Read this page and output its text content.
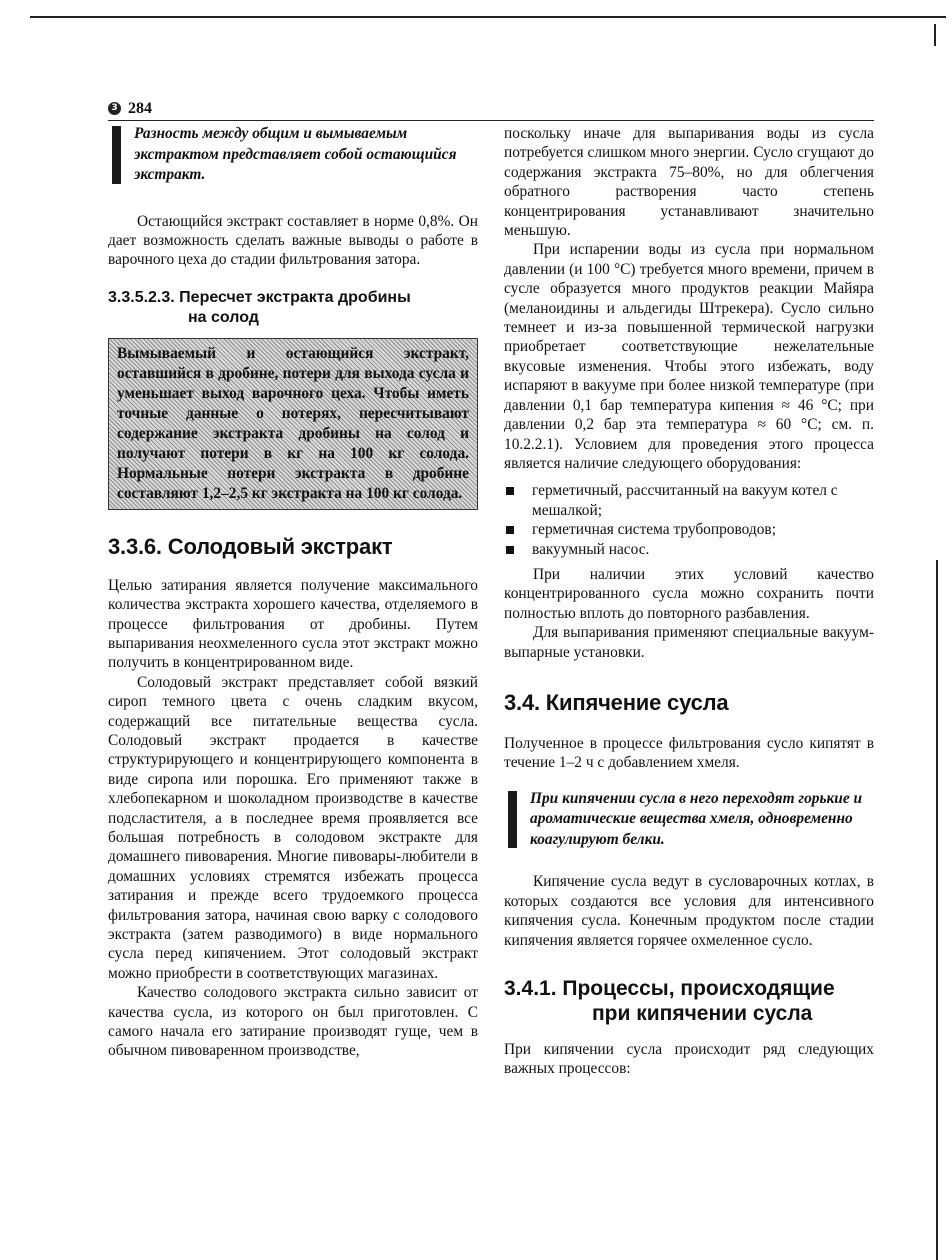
3 284

Разность между общим и вымываемым экстрактом представляет собой остающийся экстракт.

Остающийся экстракт составляет в норме 0,8%. Он дает возможность сделать важные выводы о работе в варочного цеха до стадии фильтрования затора.

3.3.5.2.3. Пересчет экстракта дробины
на солод
Вымываемый и остающийся экстракт, оставшийся в дробине, потери для выхода сусла и уменьшает выход варочного цеха. Чтобы иметь точные данные о потерях, пересчитывают содержание экстракта дробины на солод и получают потери в кг на 100 кг солода. Нормальные потери экстракта в дробине составляют 1,2–2,5 кг экстракта на 100 кг солода.
3.3.6. Солодовый экстракт

Целью затирания является получение максимального количества экстракта хорошего качества, отделяемого в процессе фильтрования от дробины. Путем выпаривания неохмеленного сусла этот экстракт можно получить в концентрированном виде.

Солодовый экстракт представляет собой вязкий сироп темного цвета с очень сладким вкусом, содержащий все питательные вещества сусла. Солодовый экстракт продается в качестве структурирующего и концентрирующего компонента в виде сиропа или порошка. Его применяют также в хлебопекарном и шоколадном производстве в качестве подсластителя, а в последнее время проявляется все большая потребность в солодовом экстракте для домашнего пивоварения. Многие пивовары-любители в домашних условиях стремятся избежать процесса затирания и прежде всего трудоемкого процесса фильтрования затора, начиная свою варку с солодового экстракта (затем разводимого) в виде нормального сусла перед кипячением. Этот солодовый экстракт можно приобрести в соответствующих магазинах.

Качество солодового экстракта сильно зависит от качества сусла, из которого он был приготовлен. С самого начала его затирание производят гуще, чем в обычном пивоваренном производстве,

поскольку иначе для выпаривания воды из сусла потребуется слишком много энергии. Сусло сгущают до содержания экстракта 75–80%, но для облегчения обратного растворения часто степень концентрирования устанавливают значительно меньшую.

При испарении воды из сусла при нормальном давлении (и 100 °С) требуется много времени, причем в сусле образуется много продуктов реакции Майяра (меланоидины и альдегиды Штрекера). Сусло сильно темнеет и из-за повышенной термической нагрузки приобретает соответствующие нежелательные вкусовые изменения. Чтобы этого избежать, воду испаряют в вакууме при более низкой температуре (при давлении 0,1 бар температура кипения ≈ 46 °С; при давлении 0,2 бар эта температура ≈ 60 °С; см. п. 10.2.2.1). Условием для проведения этого процесса является наличие следующего оборудования:

герметичный, рассчитанный на вакуум котел с мешалкой;
герметичная система трубопроводов;
вакуумный насос.

При наличии этих условий качество концентрированного сусла можно сохранить почти полностью вплоть до повторного разбавления.

Для выпаривания применяют специальные вакуум-выпарные установки.

3.4. Кипячение сусла

Полученное в процессе фильтрования сусло кипятят в течение 1–2 ч с добавлением хмеля.

При кипячении сусла в него переходят горькие и ароматические вещества хмеля, одновременно коагулируют белки.

Кипячение сусла ведут в сусловарочных котлах, в которых создаются все условия для интенсивного кипячения сусла. Конечным продуктом после стадии кипячения является горячее охмеленное сусло.

3.4.1. Процессы, происходящие
при кипячении сусла

При кипячении сусла происходит ряд следующих важных процессов:
